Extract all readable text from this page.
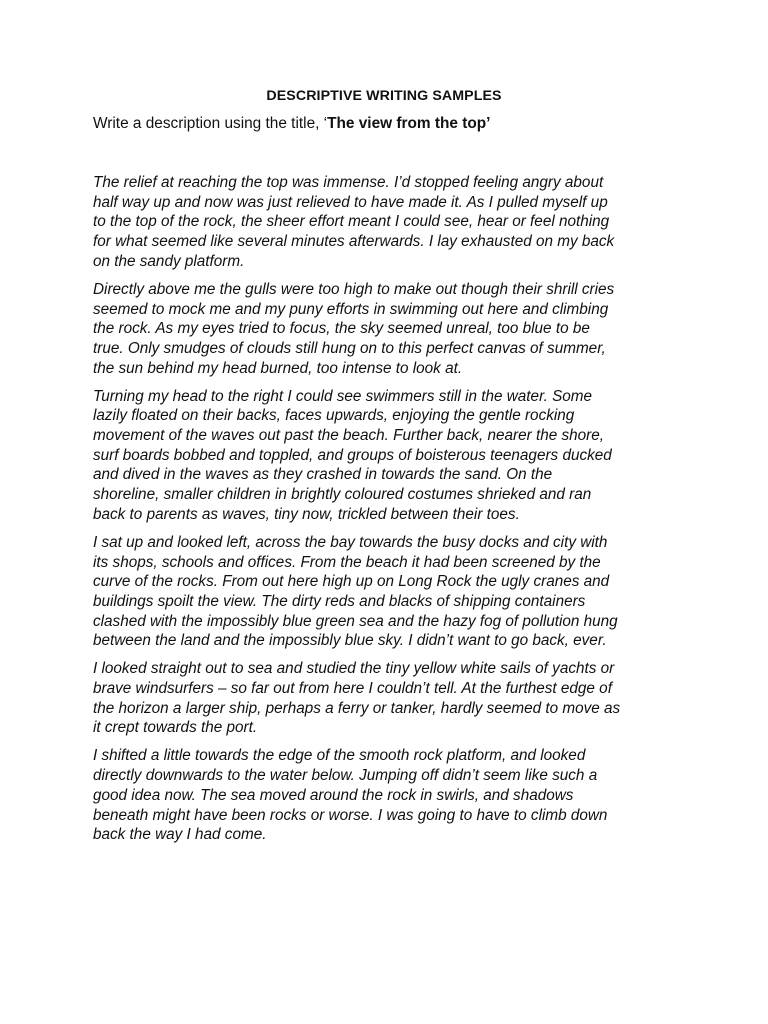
DESCRIPTIVE WRITING SAMPLES
Write a description using the title, ‘The view from the top’

The relief at reaching the top was immense. I’d stopped feeling angry about
half way up and now was just relieved to have made it. As I pulled myself up
to the top of the rock, the sheer effort meant I could see, hear or feel nothing
for what seemed like several minutes afterwards. I lay exhausted on my back
on the sandy platform.

Directly above me the gulls were too high to make out though their shrill cries
seemed to mock me and my puny efforts in swimming out here and climbing
the rock. As my eyes tried to focus, the sky seemed unreal, too blue to be
true. Only smudges of clouds still hung on to this perfect canvas of summer,
the sun behind my head burned, too intense to look at.

Turning my head to the right I could see swimmers still in the water. Some
lazily floated on their backs, faces upwards, enjoying the gentle rocking
movement of the waves out past the beach. Further back, nearer the shore,
surf boards bobbed and toppled, and groups of boisterous teenagers ducked
and dived in the waves as they crashed in towards the sand. On the
shoreline, smaller children in brightly coloured costumes shrieked and ran
back to parents as waves, tiny now, trickled between their toes.

I sat up and looked left, across the bay towards the busy docks and city with
its shops, schools and offices. From the beach it had been screened by the
curve of the rocks. From out here high up on Long Rock the ugly cranes and
buildings spoilt the view. The dirty reds and blacks of shipping containers
clashed with the impossibly blue green sea and the hazy fog of pollution hung
between the land and the impossibly blue sky. I didn’t want to go back, ever.

I looked straight out to sea and studied the tiny yellow white sails of yachts or
brave windsurfers – so far out from here I couldn’t tell. At the furthest edge of
the horizon a larger ship, perhaps a ferry or tanker, hardly seemed to move as
it crept towards the port.

I shifted a little towards the edge of the smooth rock platform, and looked
directly downwards to the water below. Jumping off didn’t seem like such a
good idea now. The sea moved around the rock in swirls, and shadows
beneath might have been rocks or worse. I was going to have to climb down
back the way I had come.
